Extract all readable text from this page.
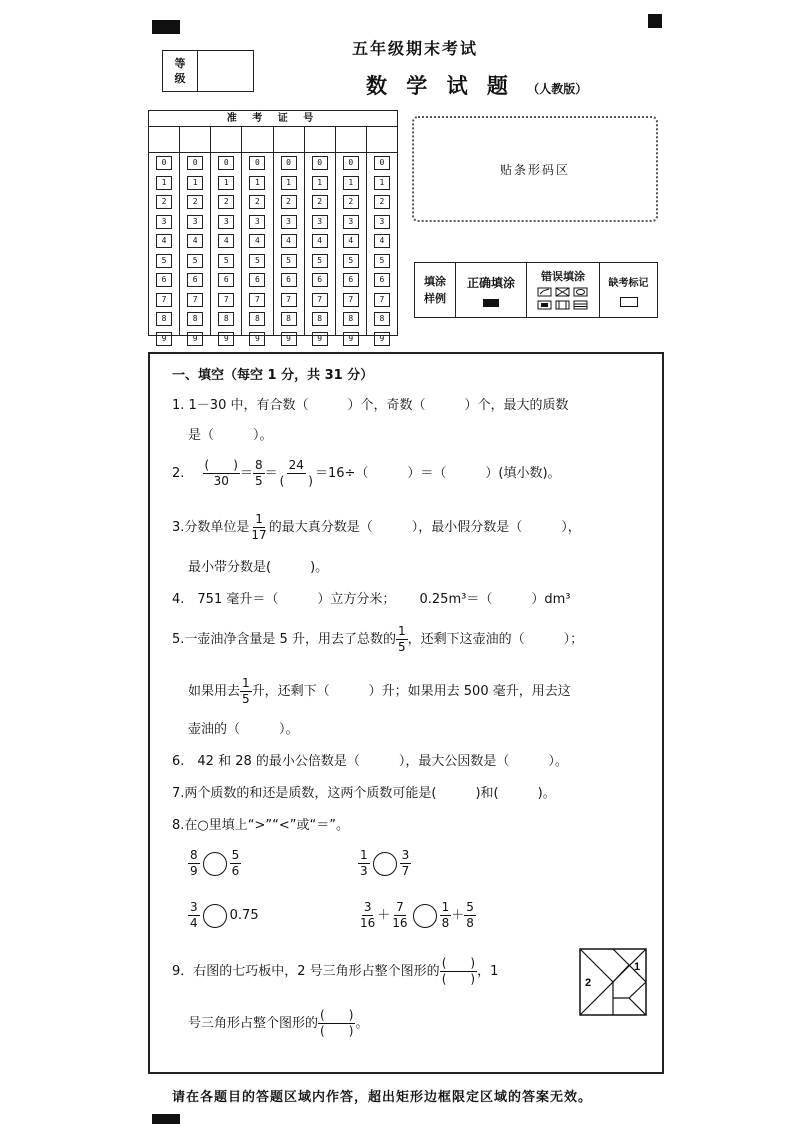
等
级
五年级期末考试
数 学 试 题 （人教版）
准 考 证 号
0
1
2
3
4
5
6
7
8
9
0
1
2
3
4
5
6
7
8
9
0
1
2
3
4
5
6
7
8
9
0
1
2
3
4
5
6
7
8
9
0
1
2
3
4
5
6
7
8
9
0
1
2
3
4
5
6
7
8
9
0
1
2
3
4
5
6
7
8
9
0
1
2
3
4
5
6
7
8
9
贴条形码区
填涂
样例
正确填涂 错误填涂 缺考标记
一、填空（每空 1 分，共 31 分）
1. 1－30 中，有合数（　　　）个，奇数（　　　）个，最大的质数
是（　　　）。
2. $\frac{( )}{30} = \frac{8}{5} = \frac{24}{( )} =16\div$（　　　）＝（　　　）(填小数)。
3.分数单位是 $\frac{1}{17}$ 的最大真分数是（　　　），最小假分数是（　　　），
最小带分数是(　　　)。
4.　751 毫升＝（　　　）立方分米； 0.25m³＝（　　　）dm³
5.一壶油净含量是 5 升，用去了总数的 $\frac{1}{5}$ ，还剩下这壶油的（　　　）；
如果用去 $\frac{1}{5}$ 升，还剩下（　　　）升；如果用去 500 毫升，用去这
壶油的（　　　）。
6.　42 和 28 的最小公倍数是（　　　），最大公因数是（　　　）。
7.两个质数的和还是质数，这两个质数可能是(　　　)和(　　　)。
8.在○里填上“>”“<”或“＝”。
$\frac{8}{9}$	$\frac{5}{6}$	$\frac{1}{3}$	$\frac{3}{7}$
$\frac{3}{4} 0.75$	$\frac{3}{16} + \frac{7}{16}$	$\frac{1}{8} + \frac{5}{8}$
9．右图的七巧板中，2 号三角形占整个图形的 $\frac{( )}{( )}$ ，1
号三角形占整个图形的 $\frac{( )}{( )}$ 。
1
2
请在各题目的答题区域内作答，超出矩形边框限定区域的答案无效。
